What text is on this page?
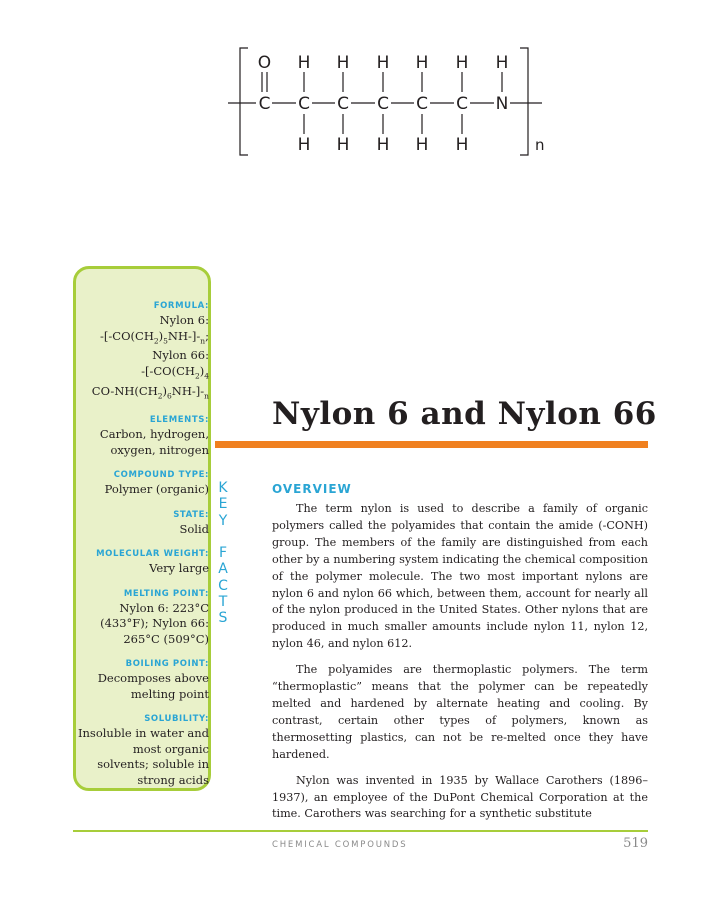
O H H H H H H
C C C C C C N
H H H H H	n
FORMULA:
Nylon 6:
$-[-CO(CH_2)_5NH-]-_n$;
Nylon 66:
$-[-CO(CH_2)_4$
$CO-NH(CH_2)_6NH-]-_n$
ELEMENTS:
Carbon, hydrogen,
oxygen, nitrogen
COMPOUND TYPE:
Polymer (organic)
STATE:
Solid
MOLECULAR WEIGHT:
Very large
MELTING POINT:
Nylon 6: 223°C
(433°F); Nylon 66:
265°C (509°C)
BOILING POINT:
Decomposes above
melting point
SOLUBILITY:
Insoluble in water and
most organic
solvents; soluble in
strong acids
K
E
Y

F
A
C
T
S
Nylon 6 and Nylon 66
OVERVIEW

The term nylon is used to describe a family of organic polymers called the polyamides that contain the amide (-CONH) group. The members of the family are distinguished from each other by a numbering system indicating the chemical composition of the polymer molecule. The two most important nylons are nylon 6 and nylon 66 which, between them, account for nearly all of the nylon produced in the United States. Other nylons that are produced in much smaller amounts include nylon 11, nylon 12, nylon 46, and nylon 612.

The polyamides are thermoplastic polymers. The term “thermoplastic” means that the polymer can be repeatedly melted and hardened by alternate heating and cooling. By contrast, certain other types of polymers, known as thermosetting plastics, can not be re-melted once they have hardened.

Nylon was invented in 1935 by Wallace Carothers (1896–1937), an employee of the DuPont Chemical Corporation at the time. Carothers was searching for a synthetic substitute

CHEMICAL COMPOUNDS	519
